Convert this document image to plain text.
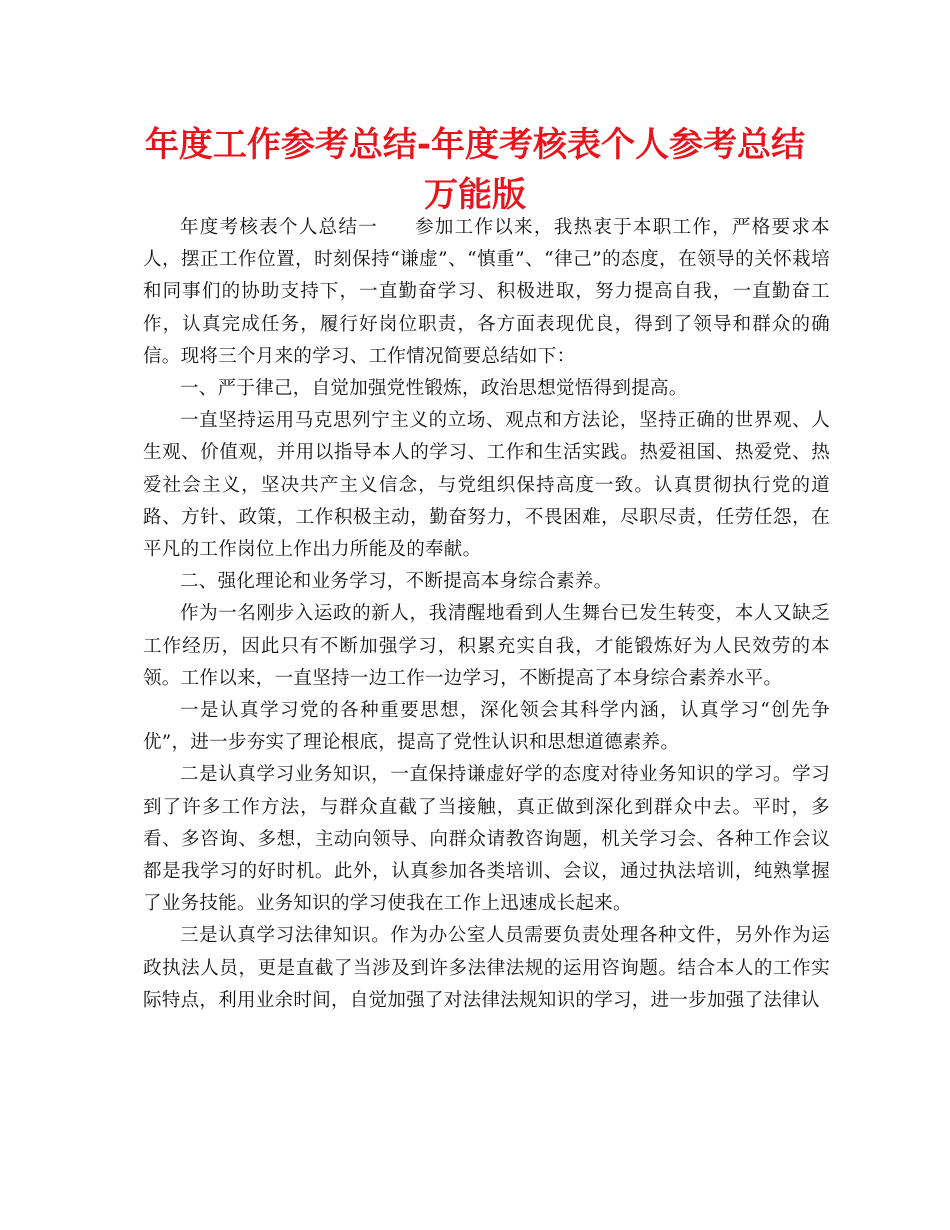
年度工作参考总结-年度考核表个人参考总结万能版

年度考核表个人总结一 参加工作以来，我热衷于本职工作，严格要求本人，摆正工作位置，时刻保持“谦虚”、“慎重”、“律己”的态度，在领导的关怀栽培和同事们的协助支持下，一直勤奋学习、积极进取，努力提高自我，一直勤奋工作，认真完成任务，履行好岗位职责，各方面表现优良，得到了领导和群众的确信。现将三个月来的学习、工作情况简要总结如下：

一、严于律己，自觉加强党性锻炼，政治思想觉悟得到提高。

一直坚持运用马克思列宁主义的立场、观点和方法论，坚持正确的世界观、人生观、价值观，并用以指导本人的学习、工作和生活实践。热爱祖国、热爱党、热爱社会主义，坚决共产主义信念，与党组织保持高度一致。认真贯彻执行党的道路、方针、政策，工作积极主动，勤奋努力，不畏困难，尽职尽责，任劳任怨，在平凡的工作岗位上作出力所能及的奉献。

二、强化理论和业务学习，不断提高本身综合素养。

作为一名刚步入运政的新人，我清醒地看到人生舞台已发生转变，本人又缺乏工作经历，因此只有不断加强学习，积累充实自我，才能锻炼好为人民效劳的本领。工作以来，一直坚持一边工作一边学习，不断提高了本身综合素养水平。

一是认真学习党的各种重要思想，深化领会其科学内涵，认真学习“创先争优”，进一步夯实了理论根底，提高了党性认识和思想道德素养。

二是认真学习业务知识，一直保持谦虚好学的态度对待业务知识的学习。学习到了许多工作方法，与群众直截了当接触，真正做到深化到群众中去。平时，多看、多咨询、多想，主动向领导、向群众请教咨询题，机关学习会、各种工作会议都是我学习的好时机。此外，认真参加各类培训、会议，通过执法培训，纯熟掌握了业务技能。业务知识的学习使我在工作上迅速成长起来。

三是认真学习法律知识。作为办公室人员需要负责处理各种文件，另外作为运政执法人员，更是直截了当涉及到许多法律法规的运用咨询题。结合本人的工作实际特点，利用业余时间，自觉加强了对法律法规知识的学习，进一步加强了法律认
